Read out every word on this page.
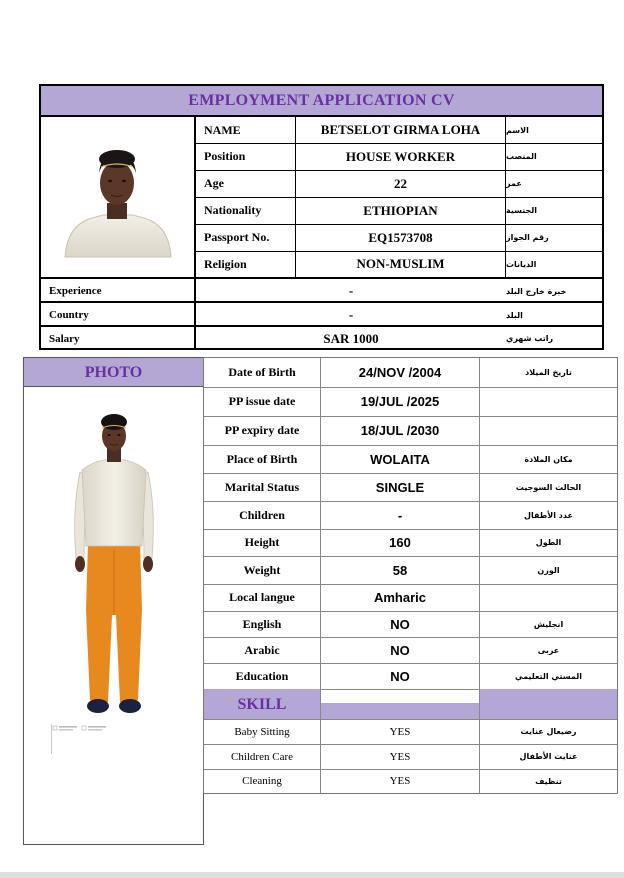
EMPLOYMENT APPLICATION CV
NAME	BETSELOT GIRMA LOHA	الاسم
Position	HOUSE WORKER	المنصب
Age	22	عمر
Nationality	ETHIOPIAN	الجنسية
Passport No.	EQ1573708	رقم الجواز
Religion	NON-MUSLIM	الديانات
Experience	-	خبرة خارج البلد
Country	-	البلد
Salary	SAR 1000	راتب شهري
PHOTO	Date of Birth	24/NOV /2004	تاريخ الميلاد
PP issue date	19/JUL /2025
PP expiry date	18/JUL /2030
Place of Birth	WOLAITA	مكان الملادة
Marital Status	SINGLE	الحالت السوجيت
Children	-	عدد الأطفال
Height	160	الطول
Weight	58	الوزن
Local langue	Amharic
English	NO	انجليش
Arabic	NO	عربى
Education	NO	المستي التعليمي
SKILL
Baby Sitting	YES	رضيعال عنايت
Children Care	YES	عنايت الأطفال
Cleaning	YES	تنظيف
